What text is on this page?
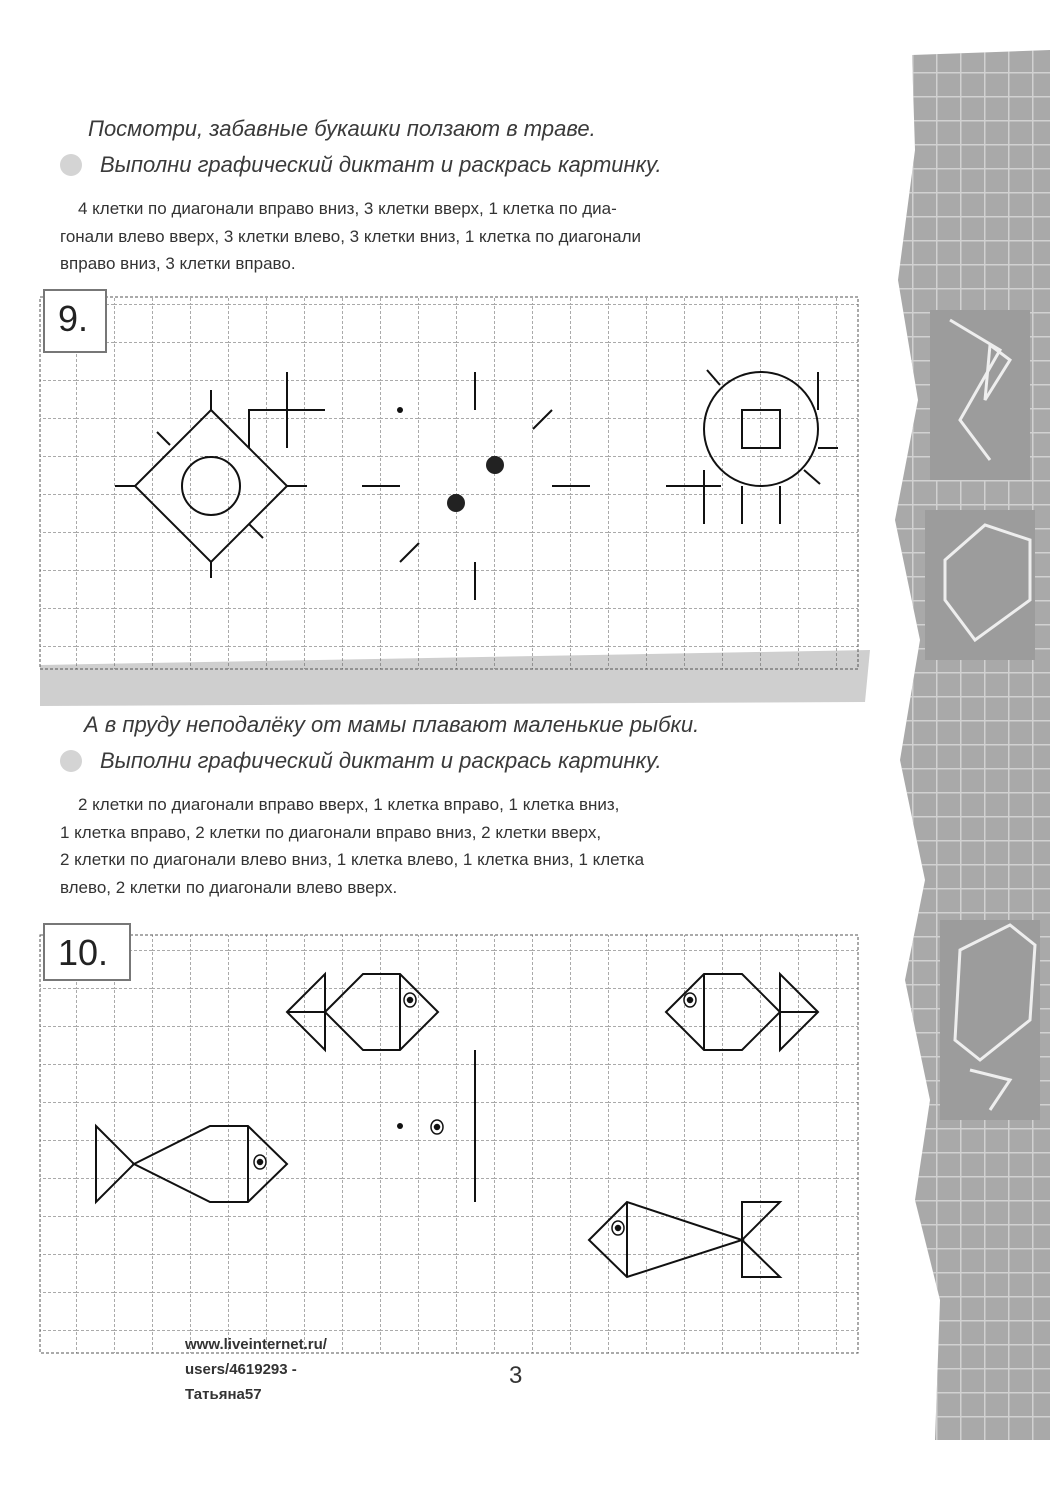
Посмотри, забавные букашки ползают в траве.
Выполни графический диктант и раскрась картинку.
4 клетки по диагонали вправо вниз, 3 клетки вверх, 1 клетка по диа-
гонали влево вверх, 3 клетки влево, 3 клетки вниз, 1 клетка по диагонали
вправо вниз, 3 клетки вправо.
9.
А в пруду неподалёку от мамы плавают маленькие рыбки.
Выполни графический диктант и раскрась картинку.
2 клетки по диагонали вправо вверх, 1 клетка вправо, 1 клетка вниз,
1 клетка вправо, 2 клетки по диагонали вправо вниз, 2 клетки вверх,
2 клетки по диагонали влево вниз, 1 клетка влево, 1 клетка вниз, 1 клетка
влево, 2 клетки по диагонали влево вверх.
10.
www.liveinternet.ru/
users/4619293 -
Татьяна57
3
